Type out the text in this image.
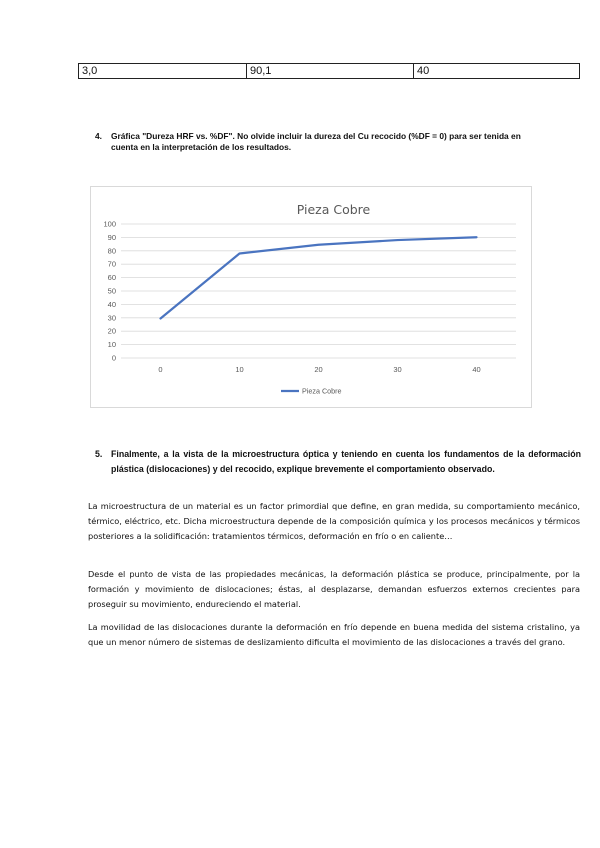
3,0	90,1	40
4. Gráfica "Dureza HRF vs. %DF". No olvide incluir la dureza del Cu recocido (%DF = 0) para ser tenida en cuenta en la interpretación de los resultados.
Pieza Cobre
0
10
20
30
40
50
60
70
80
90
100
0	10	20	30	40
Pieza Cobre
5. Finalmente, a la vista de la microestructura óptica y teniendo en cuenta los fundamentos de la deformación plástica (dislocaciones) y del recocido, explique brevemente el comportamiento observado.
La microestructura de un material es un factor primordial que define, en gran medida, su comportamiento mecánico, térmico, eléctrico, etc. Dicha microestructura depende de la composición química y los procesos mecánicos y térmicos posteriores a la solidificación: tratamientos térmicos, deformación en frío o en caliente…
Desde el punto de vista de las propiedades mecánicas, la deformación plástica se produce, principalmente, por la formación y movimiento de dislocaciones; éstas, al desplazarse, demandan esfuerzos externos crecientes para proseguir su movimiento, endureciendo el material.
La movilidad de las dislocaciones durante la deformación en frío depende en buena medida del sistema cristalino, ya que un menor número de sistemas de deslizamiento dificulta el movimiento de las dislocaciones a través del grano.
